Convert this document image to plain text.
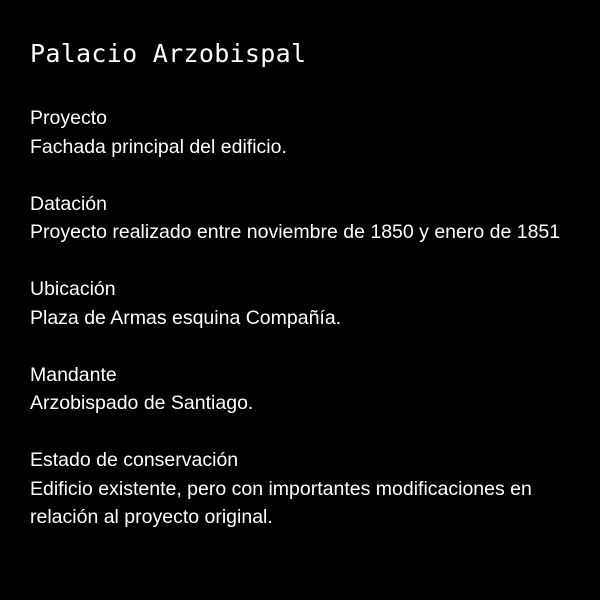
Palacio Arzobispal

Proyecto

Fachada principal del edificio.

Datación

Proyecto realizado entre noviembre de 1850 y enero de 1851

Ubicación

Plaza de Armas esquina Compañía.

Mandante

Arzobispado de Santiago.

Estado de conservación

Edificio existente, pero con importantes modificaciones en relación al proyecto original.
